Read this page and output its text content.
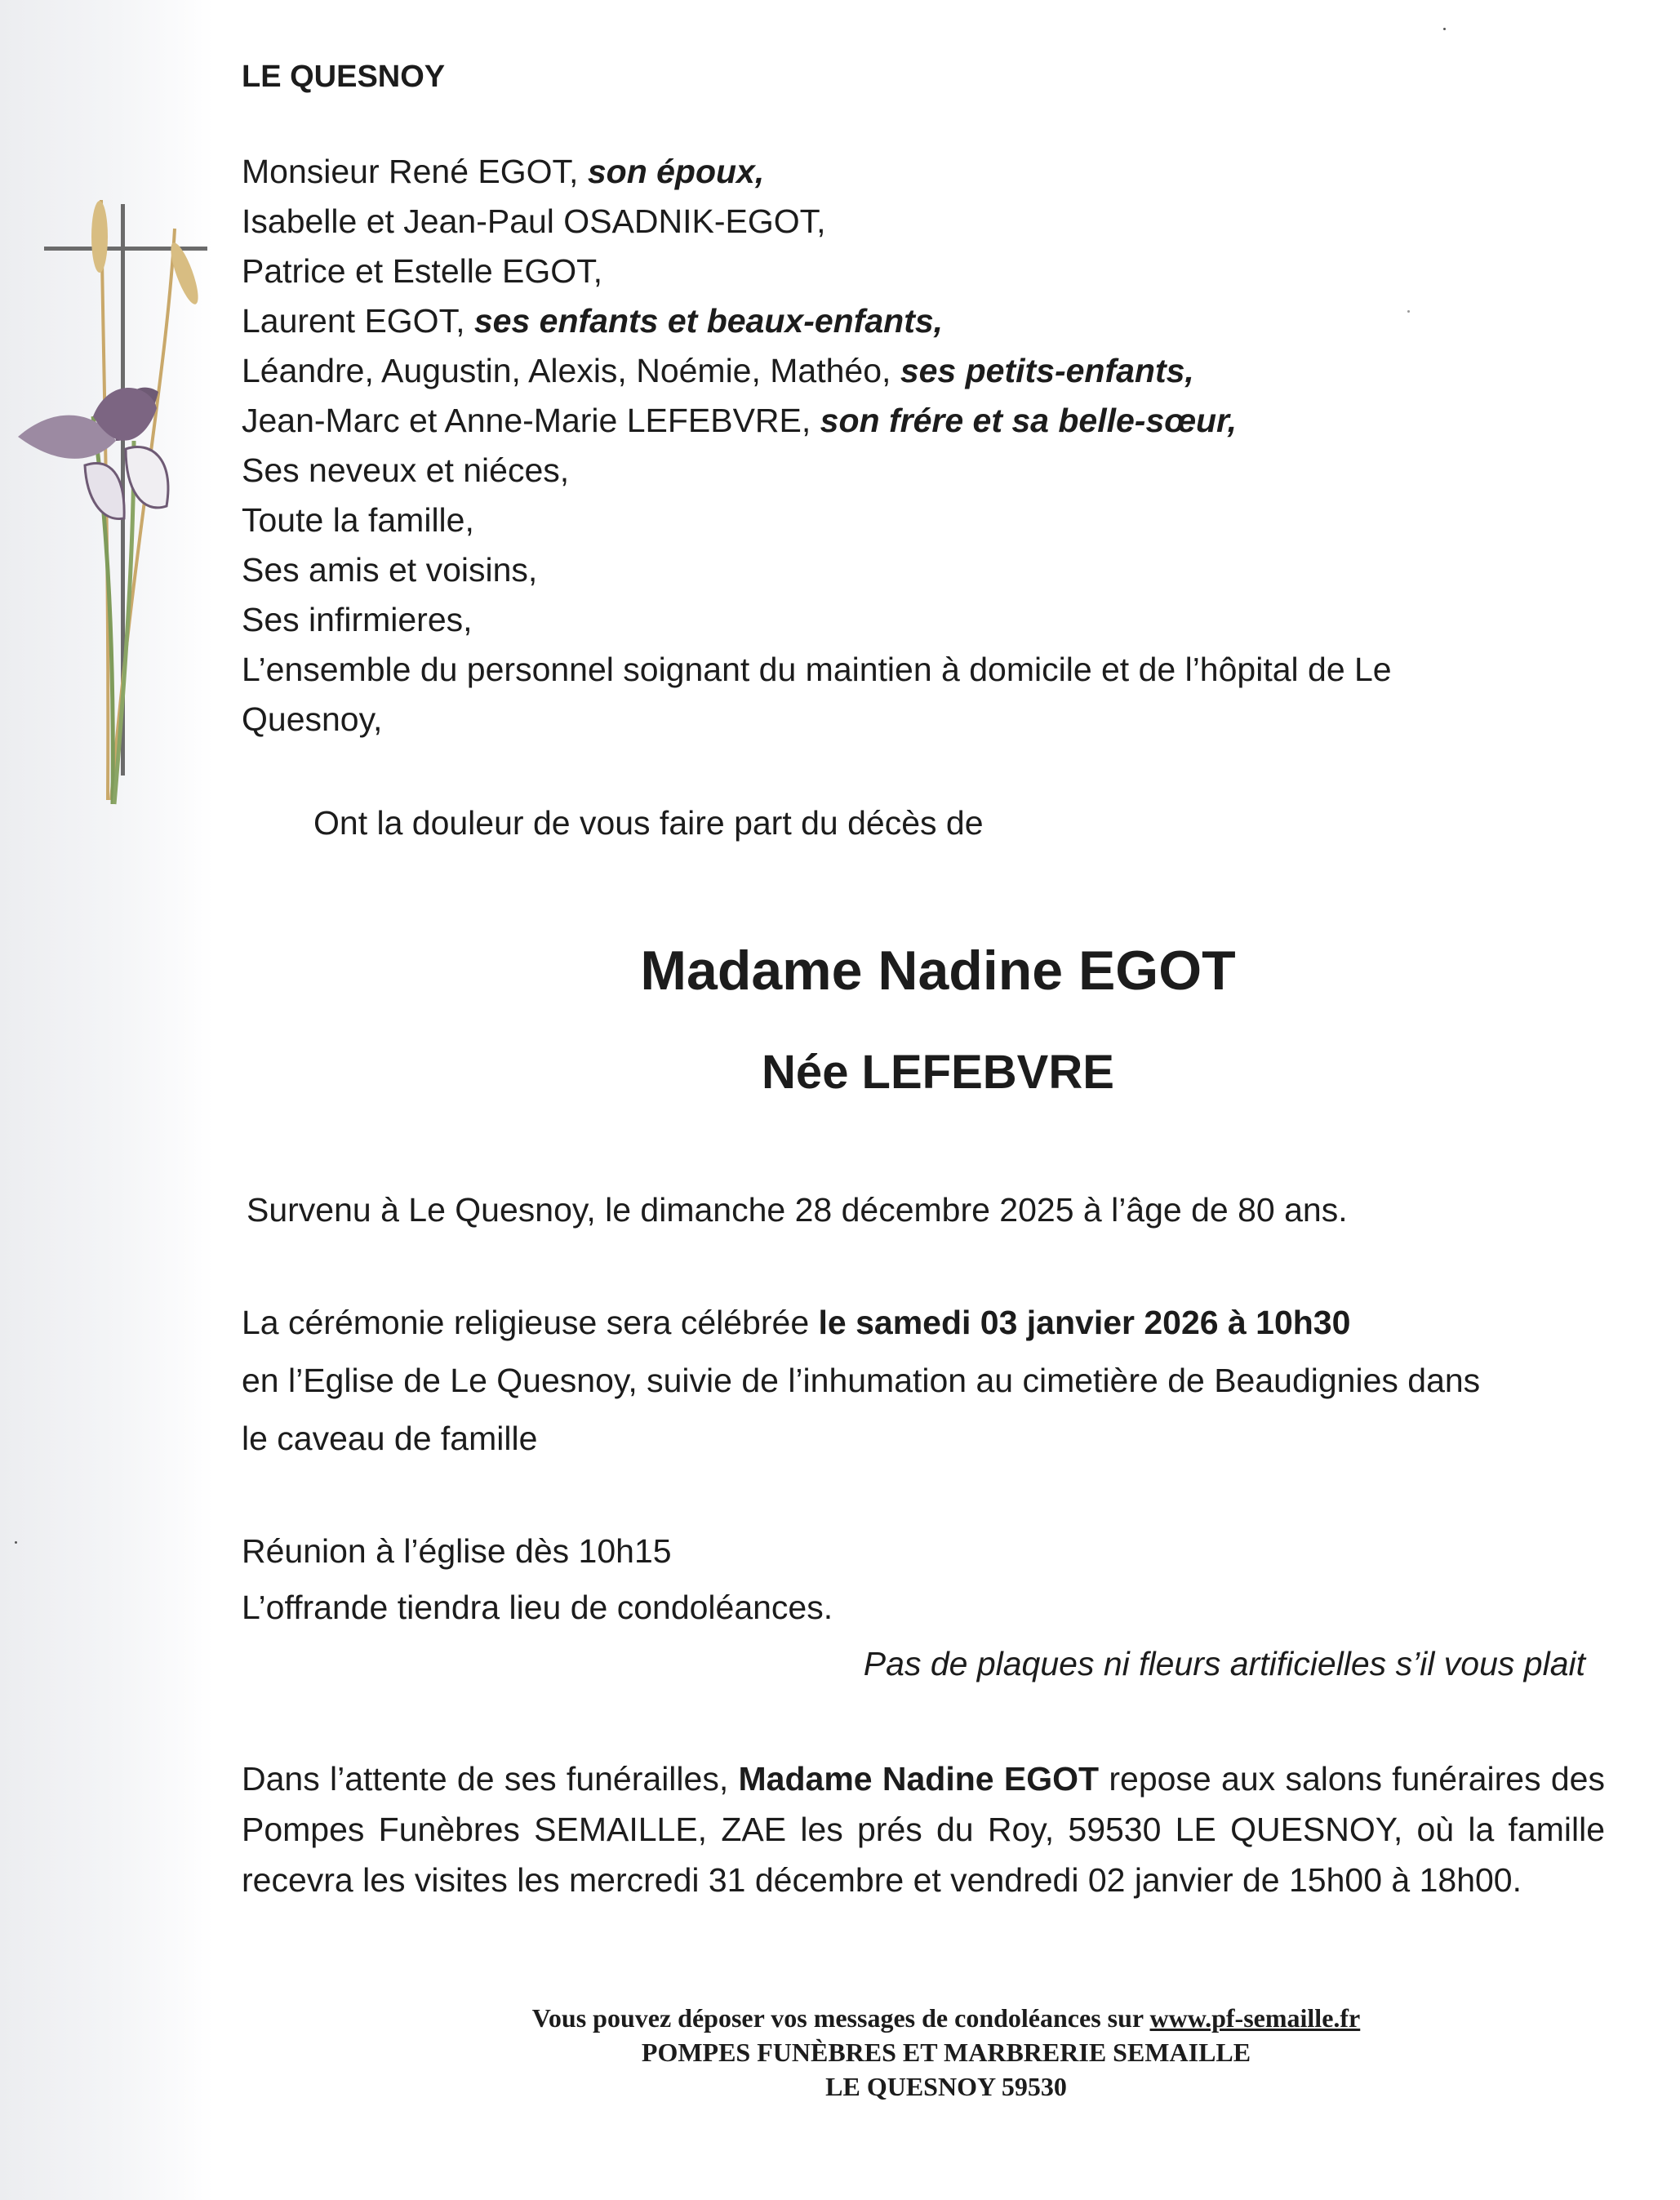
LE QUESNOY
Monsieur René EGOT, son époux,
Isabelle et Jean-Paul OSADNIK-EGOT,
Patrice et Estelle EGOT,
Laurent EGOT, ses enfants et beaux-enfants,
Léandre, Augustin, Alexis, Noémie, Mathéo, ses petits-enfants,
Jean-Marc et Anne-Marie LEFEBVRE, son frére et sa belle-sœur,
Ses neveux et niéces,
Toute la famille,
Ses amis et voisins,
Ses infirmieres,
L’ensemble du personnel soignant du maintien à domicile et de l’hôpital de Le
Quesnoy,
Ont la douleur de vous faire part du décès de
Madame Nadine EGOT
Née LEFEBVRE
Survenu à Le Quesnoy, le dimanche 28 décembre 2025 à l’âge de 80 ans.
La cérémonie religieuse sera célébrée le samedi 03 janvier 2026 à 10h30
en l’Eglise de Le Quesnoy, suivie de l’inhumation au cimetière de Beaudignies dans
le caveau de famille
Réunion à l’église dès 10h15
L’offrande tiendra lieu de condoléances.
Pas de plaques ni fleurs artificielles s’il vous plait
Dans l’attente de ses funérailles, Madame Nadine EGOT repose aux salons funéraires des Pompes Funèbres SEMAILLE, ZAE les prés du Roy, 59530 LE QUESNOY, où la famille recevra les visites les mercredi 31 décembre et vendredi 02 janvier de 15h00 à 18h00.
Vous pouvez déposer vos messages de condoléances sur www.pf-semaille.fr
POMPES FUNÈBRES ET MARBRERIE SEMAILLE
LE QUESNOY 59530
